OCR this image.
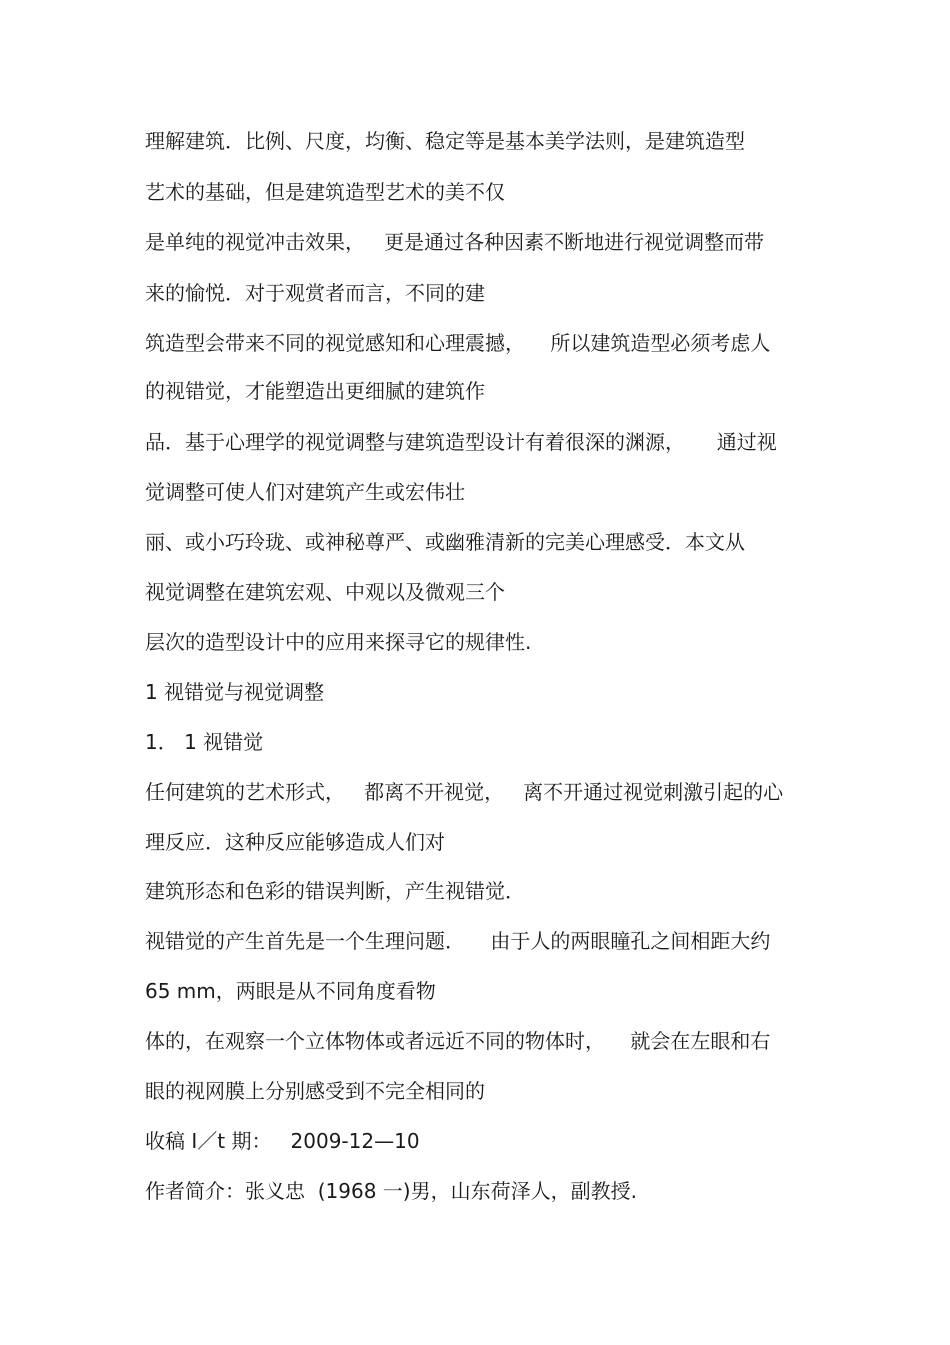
理解建筑．比例、尺度，均衡、稳定等是基本美学法则，是建筑造型
艺术的基础，但是建筑造型艺术的美不仅
是单纯的视觉冲击效果，   更是通过各种因素不断地进行视觉调整而带
来的愉悦．对于观赏者而言，不同的建
筑造型会带来不同的视觉感知和心理震撼，    所以建筑造型必须考虑人
的视错觉，才能塑造出更细腻的建筑作
品．基于心理学的视觉调整与建筑造型设计有着很深的渊源，     通过视
觉调整可使人们对建筑产生或宏伟壮
丽、或小巧玲珑、或神秘尊严、或幽雅清新的完美心理感受．本文从
视觉调整在建筑宏观、中观以及微观三个
层次的造型设计中的应用来探寻它的规律性.
1 视错觉与视觉调整
1． 1 视错觉
任何建筑的艺术形式，   都离不开视觉，   离不开通过视觉刺激引起的心
理反应．这种反应能够造成人们对
建筑形态和色彩的错误判断，产生视错觉．
视错觉的产生首先是一个生理问题．    由于人的两眼瞳孔之间相距大约
65 mm，两眼是从不同角度看物
体的，在观察一个立体物体或者远近不同的物体时，    就会在左眼和右
眼的视网膜上分别感受到不完全相同的
收稿 I／t 期：   2009-12—10
作者简介：张义忠  (1968 一)男，山东荷泽人，副教授.
